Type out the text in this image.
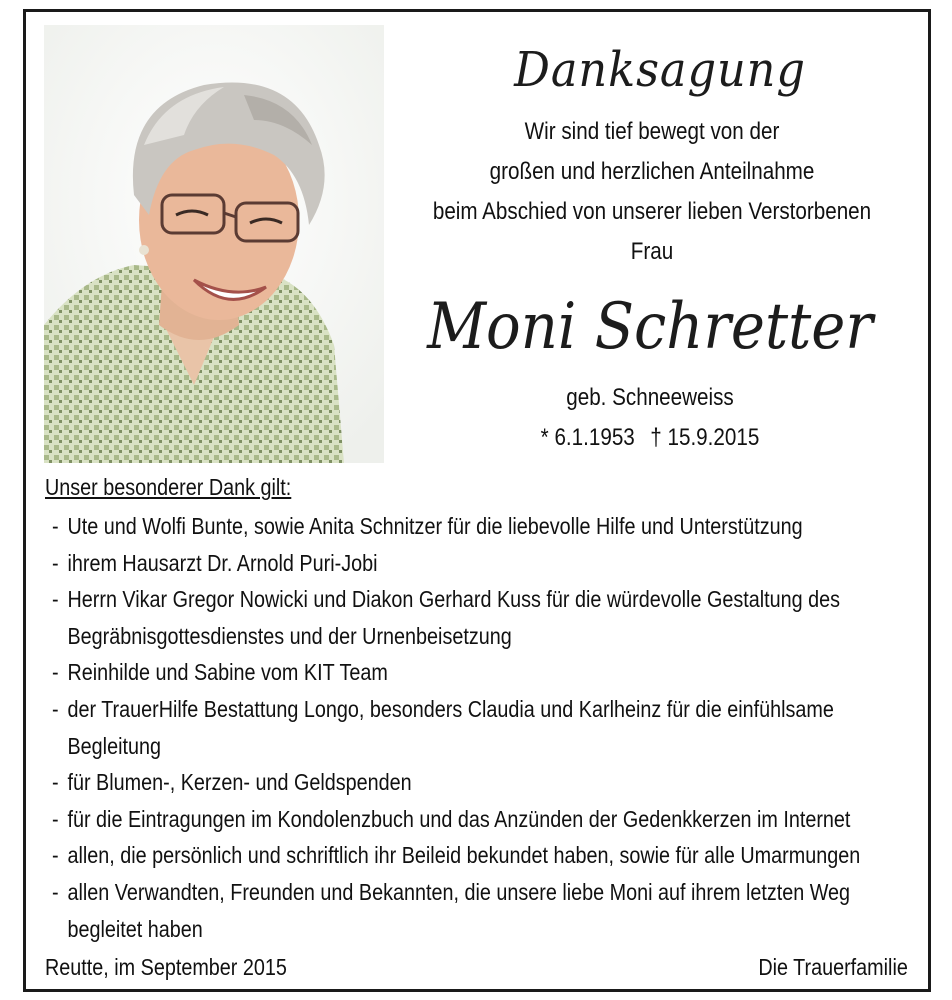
Danksagung
Wir sind tief bewegt von der
großen und herzlichen Anteilnahme
beim Abschied von unserer lieben Verstorbenen
Frau
Moni Schretter
geb. Schneeweiss
* 6.1.1953 † 15.9.2015
Unser besonderer Dank gilt:
- Ute und Wolfi Bunte, sowie Anita Schnitzer für die liebevolle Hilfe und Unterstützung
- ihrem Hausarzt Dr. Arnold Puri-Jobi
- Herrn Vikar Gregor Nowicki und Diakon Gerhard Kuss für die würdevolle Gestaltung des
Begräbnisgottesdienstes und der Urnenbeisetzung
- Reinhilde und Sabine vom KIT Team
- der TrauerHilfe Bestattung Longo, besonders Claudia und Karlheinz für die einfühlsame
Begleitung
- für Blumen-, Kerzen- und Geldspenden
- für die Eintragungen im Kondolenzbuch und das Anzünden der Gedenkkerzen im Internet
- allen, die persönlich und schriftlich ihr Beileid bekundet haben, sowie für alle Umarmungen
- allen Verwandten, Freunden und Bekannten, die unsere liebe Moni auf ihrem letzten Weg
begleitet haben
Reutte, im September 2015	Die Trauerfamilie
